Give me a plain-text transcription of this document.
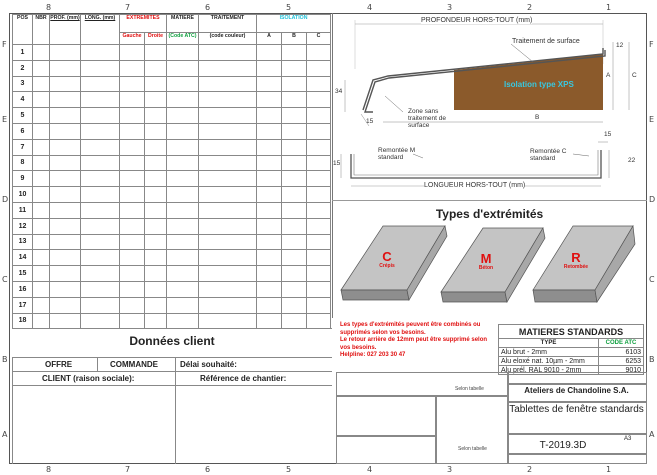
8	7	6	5	4	3	2	1
8	7	6	5	4	3	2	1
F
E
D
C
B
A
F
E
D
C
B
A
POS	NBR	PROF. (mm)	LONG. (mm)	EXTREMITES		MATIERE	TRAITEMENT	ISOLATION		
				Gauche	Droite	(Code ATC)	(code couleur)	A	B	C
1										
2										
3										
4										
5										
6										
7										
8										
9										
10										
11										
12										
13										
14										
15										
16										
17										
18										
Données client
OFFRE	COMMANDE	Délai souhaité:
CLIENT (raison sociale):	Référence de chantier:
PROFONDEUR HORS-TOUT (mm)
Traitement de surface
Isolation type XPS
Zone sans traitement de surface
34
15
B
12
A	C
Remontée M
standard
Remontée C
standard
LONGUEUR HORS-TOUT (mm)
15
15
22
Types d'extrémités
C
Crépis	M
Béton
R
Retombée
Les types d'extrémités peuvent être combinés ou supprimés selon vos besoins.
Le retour arrière de 12mm peut être supprimé selon vos besoins.
Helpline: 027 203 30 47
MATIERES STANDARDS	
TYPE	CODE ATC
Alu brut - 2mm	6103
Alu eloxé nat. 10µm - 2mm	6253
Alu prél. RAL 9010 - 2mm	9010
Selon tabelle
Selon tabelle
Ateliers de Chandoline S.A.
Tablettes de fenêtre standards
T-2019.3D
A3
